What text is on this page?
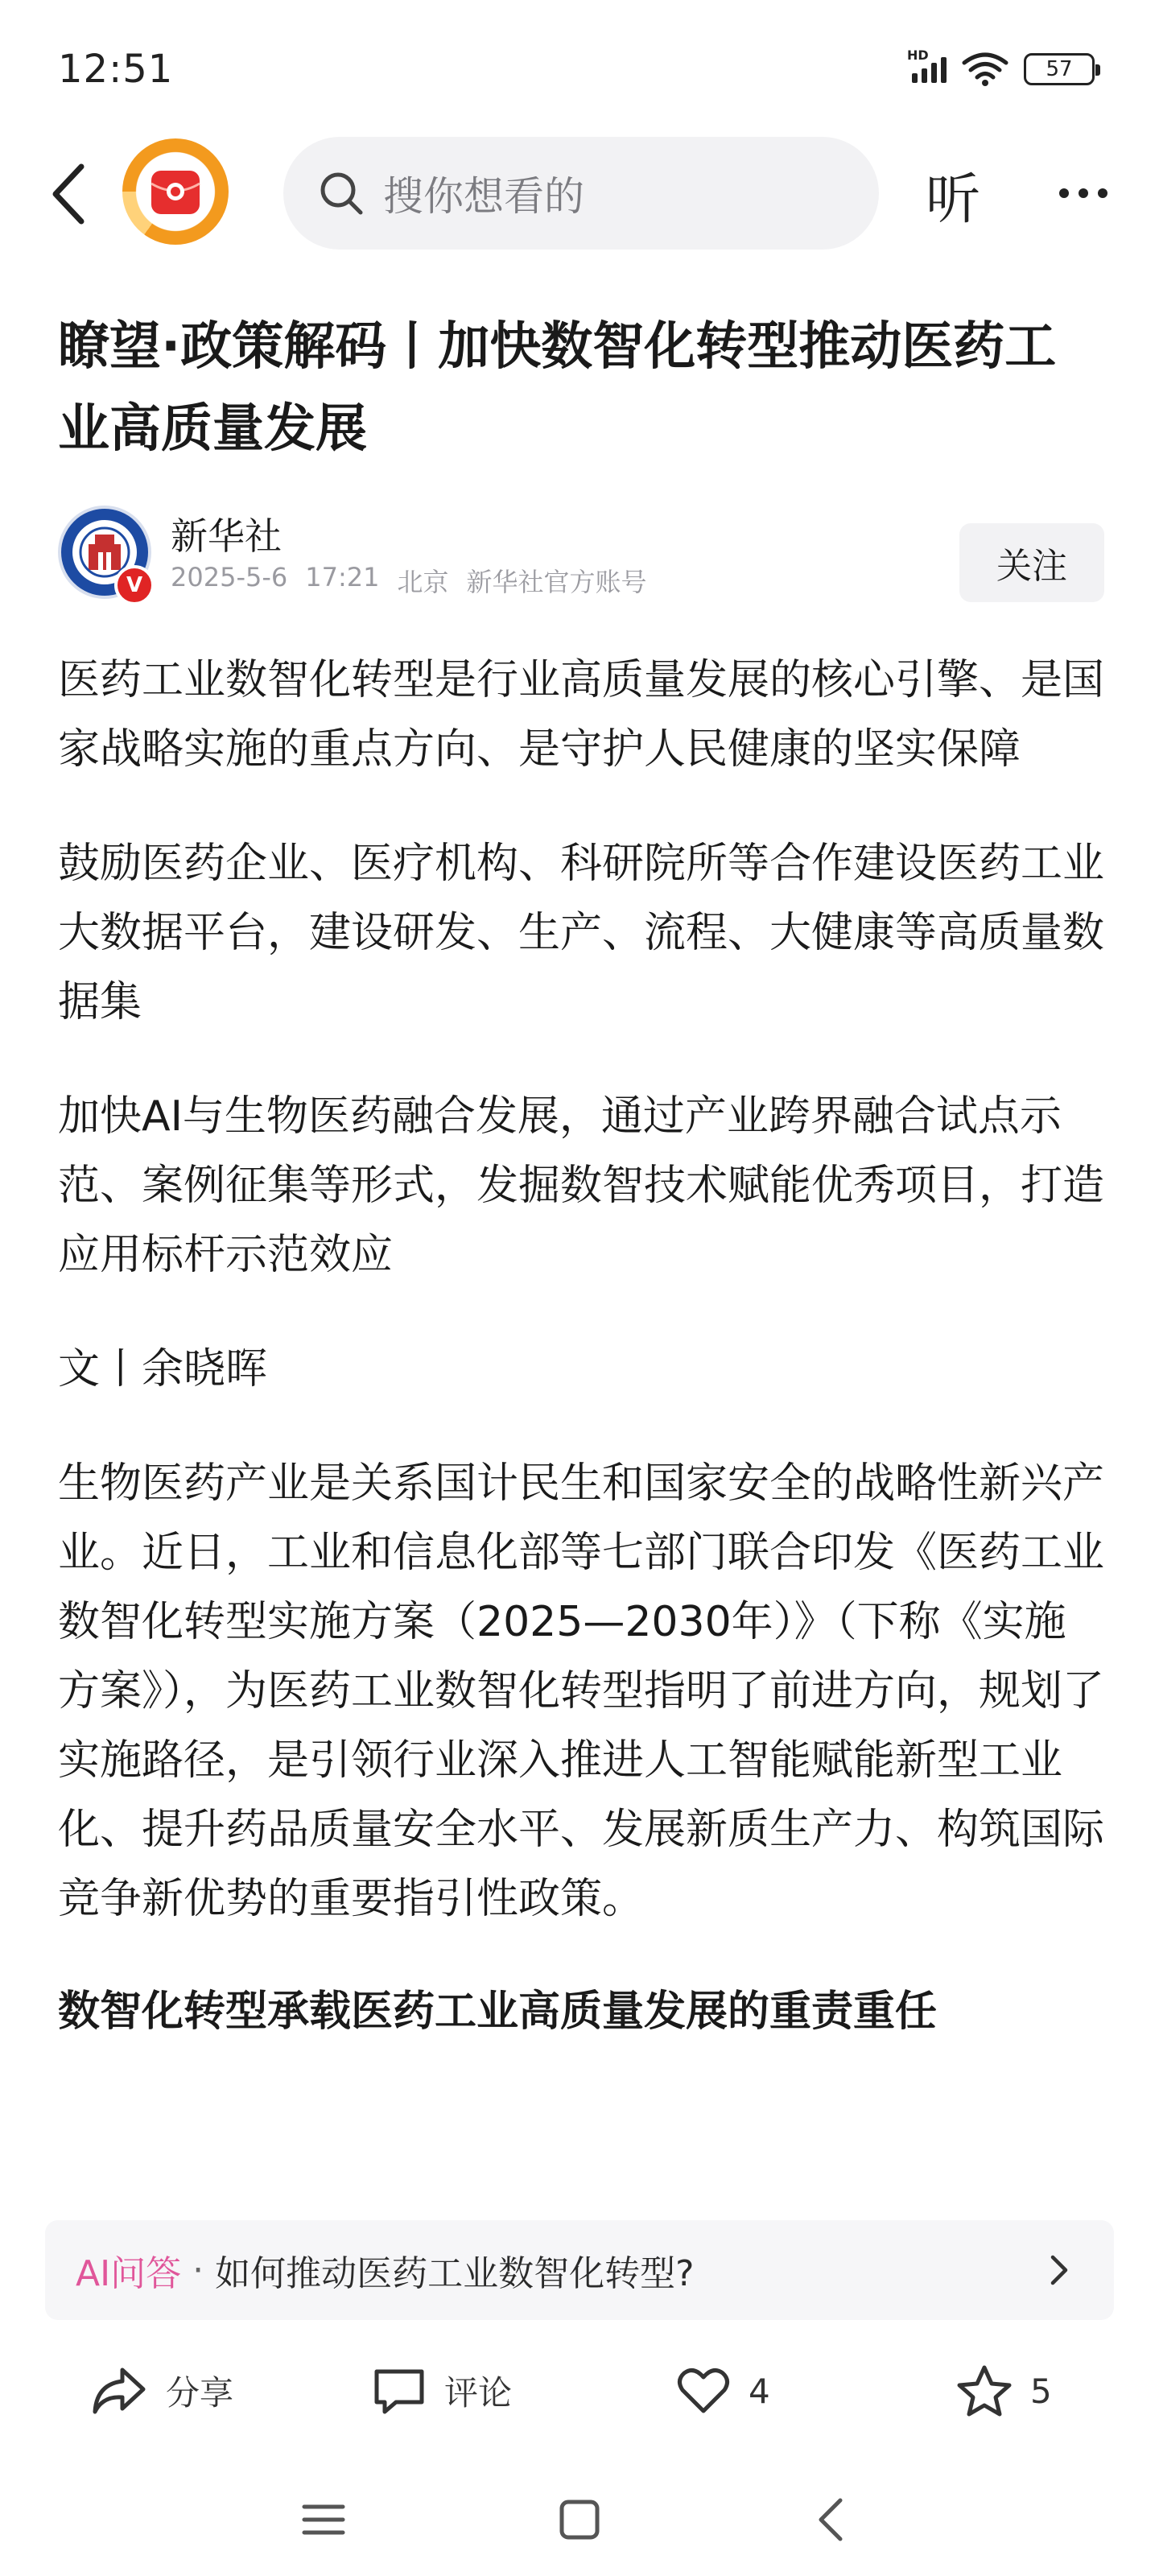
12:51	HD
57
搜你想看的	听
瞭望·政策解码丨加快数智化转型推动医药工业高质量发展
V
新华社
2025-5-6 17:21 北京 新华社官方账号	关注

医药工业数智化转型是行业高质量发展的核心引擎、是国家战略实施的重点方向、是守护人民健康的坚实保障

鼓励医药企业、医疗机构、科研院所等合作建设医药工业大数据平台，建设研发、生产、流程、大健康等高质量数据集

加快AI与生物医药融合发展，通过产业跨界融合试点示范、案例征集等形式，发掘数智技术赋能优秀项目，打造应用标杆示范效应

文丨余晓晖

生物医药产业是关系国计民生和国家安全的战略性新兴产业。近日，工业和信息化部等七部门联合印发《医药工业数智化转型实施方案（2025—2030年）》（下称《实施方案》），为医药工业数智化转型指明了前进方向，规划了实施路径，是引领行业深入推进人工智能赋能新型工业化、提升药品质量安全水平、发展新质生产力、构筑国际竞争新优势的重要指引性政策。

数智化转型承载医药工业高质量发展的重责重任
AI问答 · 如何推动医药工业数智化转型?
分享	评论	4	5
